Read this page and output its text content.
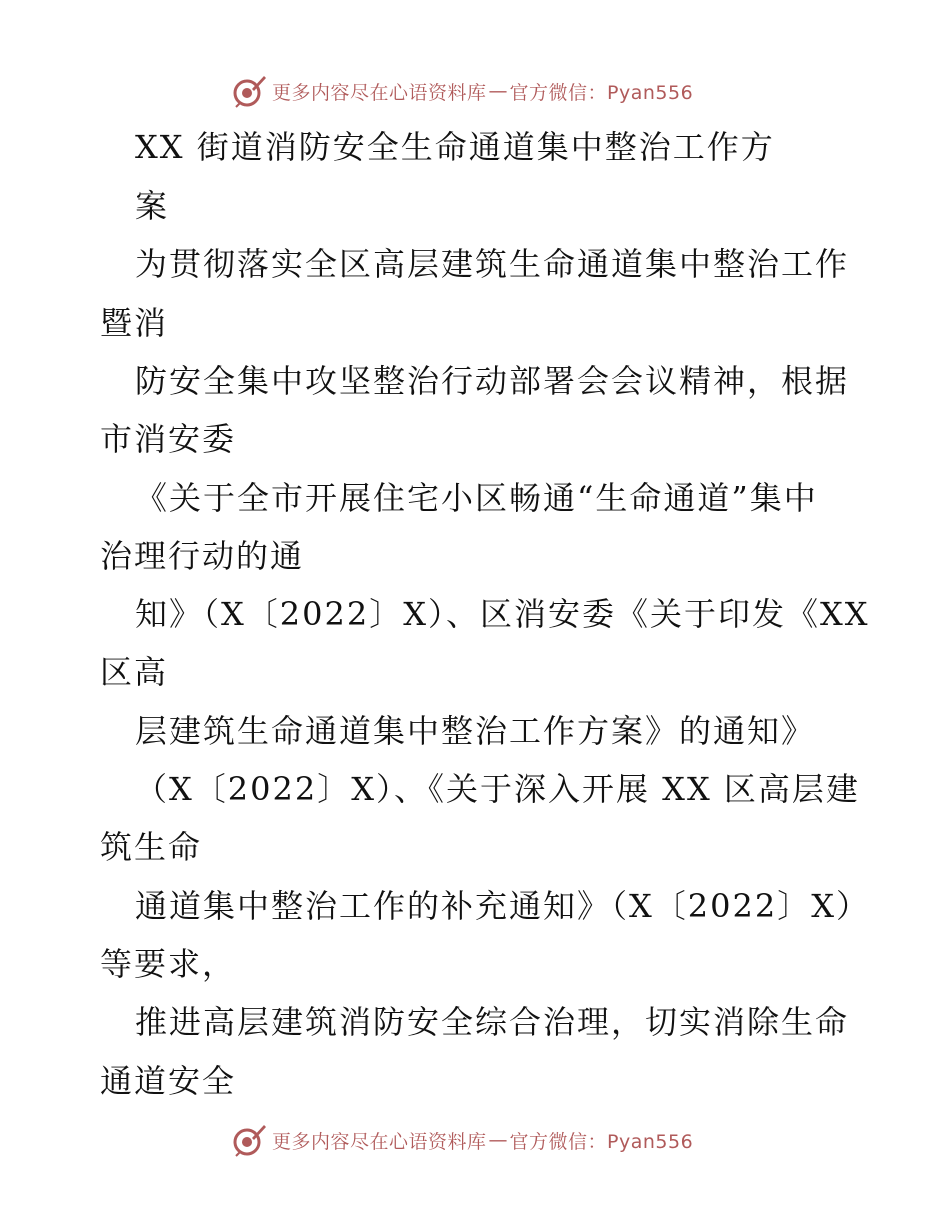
更多内容尽在心语资料库 — 官方微信：Pyan556

XX 街道消防安全生命通道集中整治工作方

案

为贯彻落实全区高层建筑生命通道集中整治工作

暨消

防安全集中攻坚整治行动部署会会议精神，根据

市消安委

《关于全市开展住宅小区畅通“生命通道”集中

治理行动的通

知》（X〔2022〕X）、区消安委《关于印发《XX

区高

层建筑生命通道集中整治工作方案》的通知》

（X〔2022〕X）、《关于深入开展 XX 区高层建

筑生命

通道集中整治工作的补充通知》（X〔2022〕X）

等要求，

推进高层建筑消防安全综合治理，切实消除生命

通道安全

更多内容尽在心语资料库 — 官方微信：Pyan556
